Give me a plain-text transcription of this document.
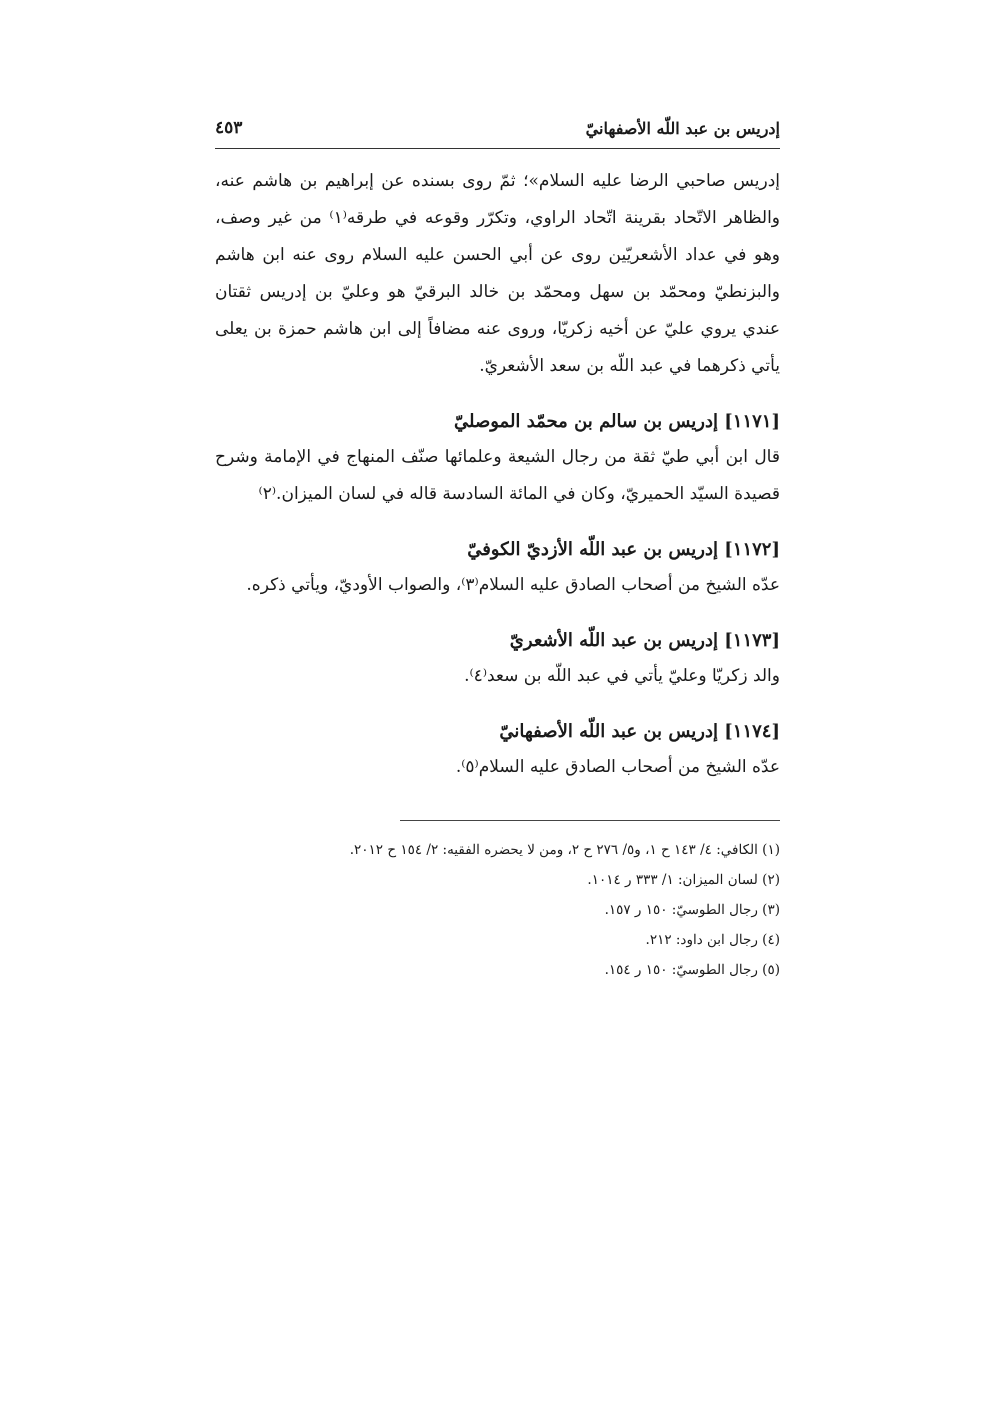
إدريس بن عبد اللّه الأصفهانيّ
٤٥٣

إدريس صاحبي الرضا عليه السلام»؛ ثمّ روى بسنده عن إبراهيم بن هاشم عنه، والظاهر الاتّحاد بقرينة اتّحاد الراوي، وتكرّر وقوعه في طرقه⁽١⁾ من غير وصف، وهو في عداد الأشعريّين روى عن أبي الحسن عليه السلام روى عنه ابن هاشم والبزنطيّ ومحمّد بن سهل ومحمّد بن خالد البرقيّ هو وعليّ بن إدريس ثقتان عندي يروي عليّ عن أخيه زكريّا، وروى عنه مضافاً إلى ابن هاشم حمزة بن يعلى يأتي ذكرهما في عبد اللّه بن سعد الأشعريّ.

[١١٧١] إدريس بن سالم بن محمّد الموصليّ
قال ابن أبي طيّ ثقة من رجال الشيعة وعلمائها صنّف المنهاج في الإمامة وشرح قصيدة السيّد الحميريّ، وكان في المائة السادسة قاله في لسان الميزان.⁽٢⁾
[١١٧٢] إدريس بن عبد اللّه الأزديّ الكوفيّ
عدّه الشيخ من أصحاب الصادق عليه السلام⁽٣⁾، والصواب الأوديّ، ويأتي ذكره.
[١١٧٣] إدريس بن عبد اللّه الأشعريّ
والد زكريّا وعليّ يأتي في عبد اللّه بن سعد⁽٤⁾.
[١١٧٤] إدريس بن عبد اللّه الأصفهانيّ
عدّه الشيخ من أصحاب الصادق عليه السلام⁽٥⁾.
(١) الكافي: ٤/ ١٤٣ ح ١، و٥/ ٢٧٦ ح ٢، ومن لا يحضره الفقيه: ٢/ ١٥٤ ح ٢٠١٢.
(٢) لسان الميزان: ١/ ٣٣٣ ر ١٠١٤.
(٣) رجال الطوسيّ: ١٥٠ ر ١٥٧.
(٤) رجال ابن داود: ٢١٢.
(٥) رجال الطوسيّ: ١٥٠ ر ١٥٤.
